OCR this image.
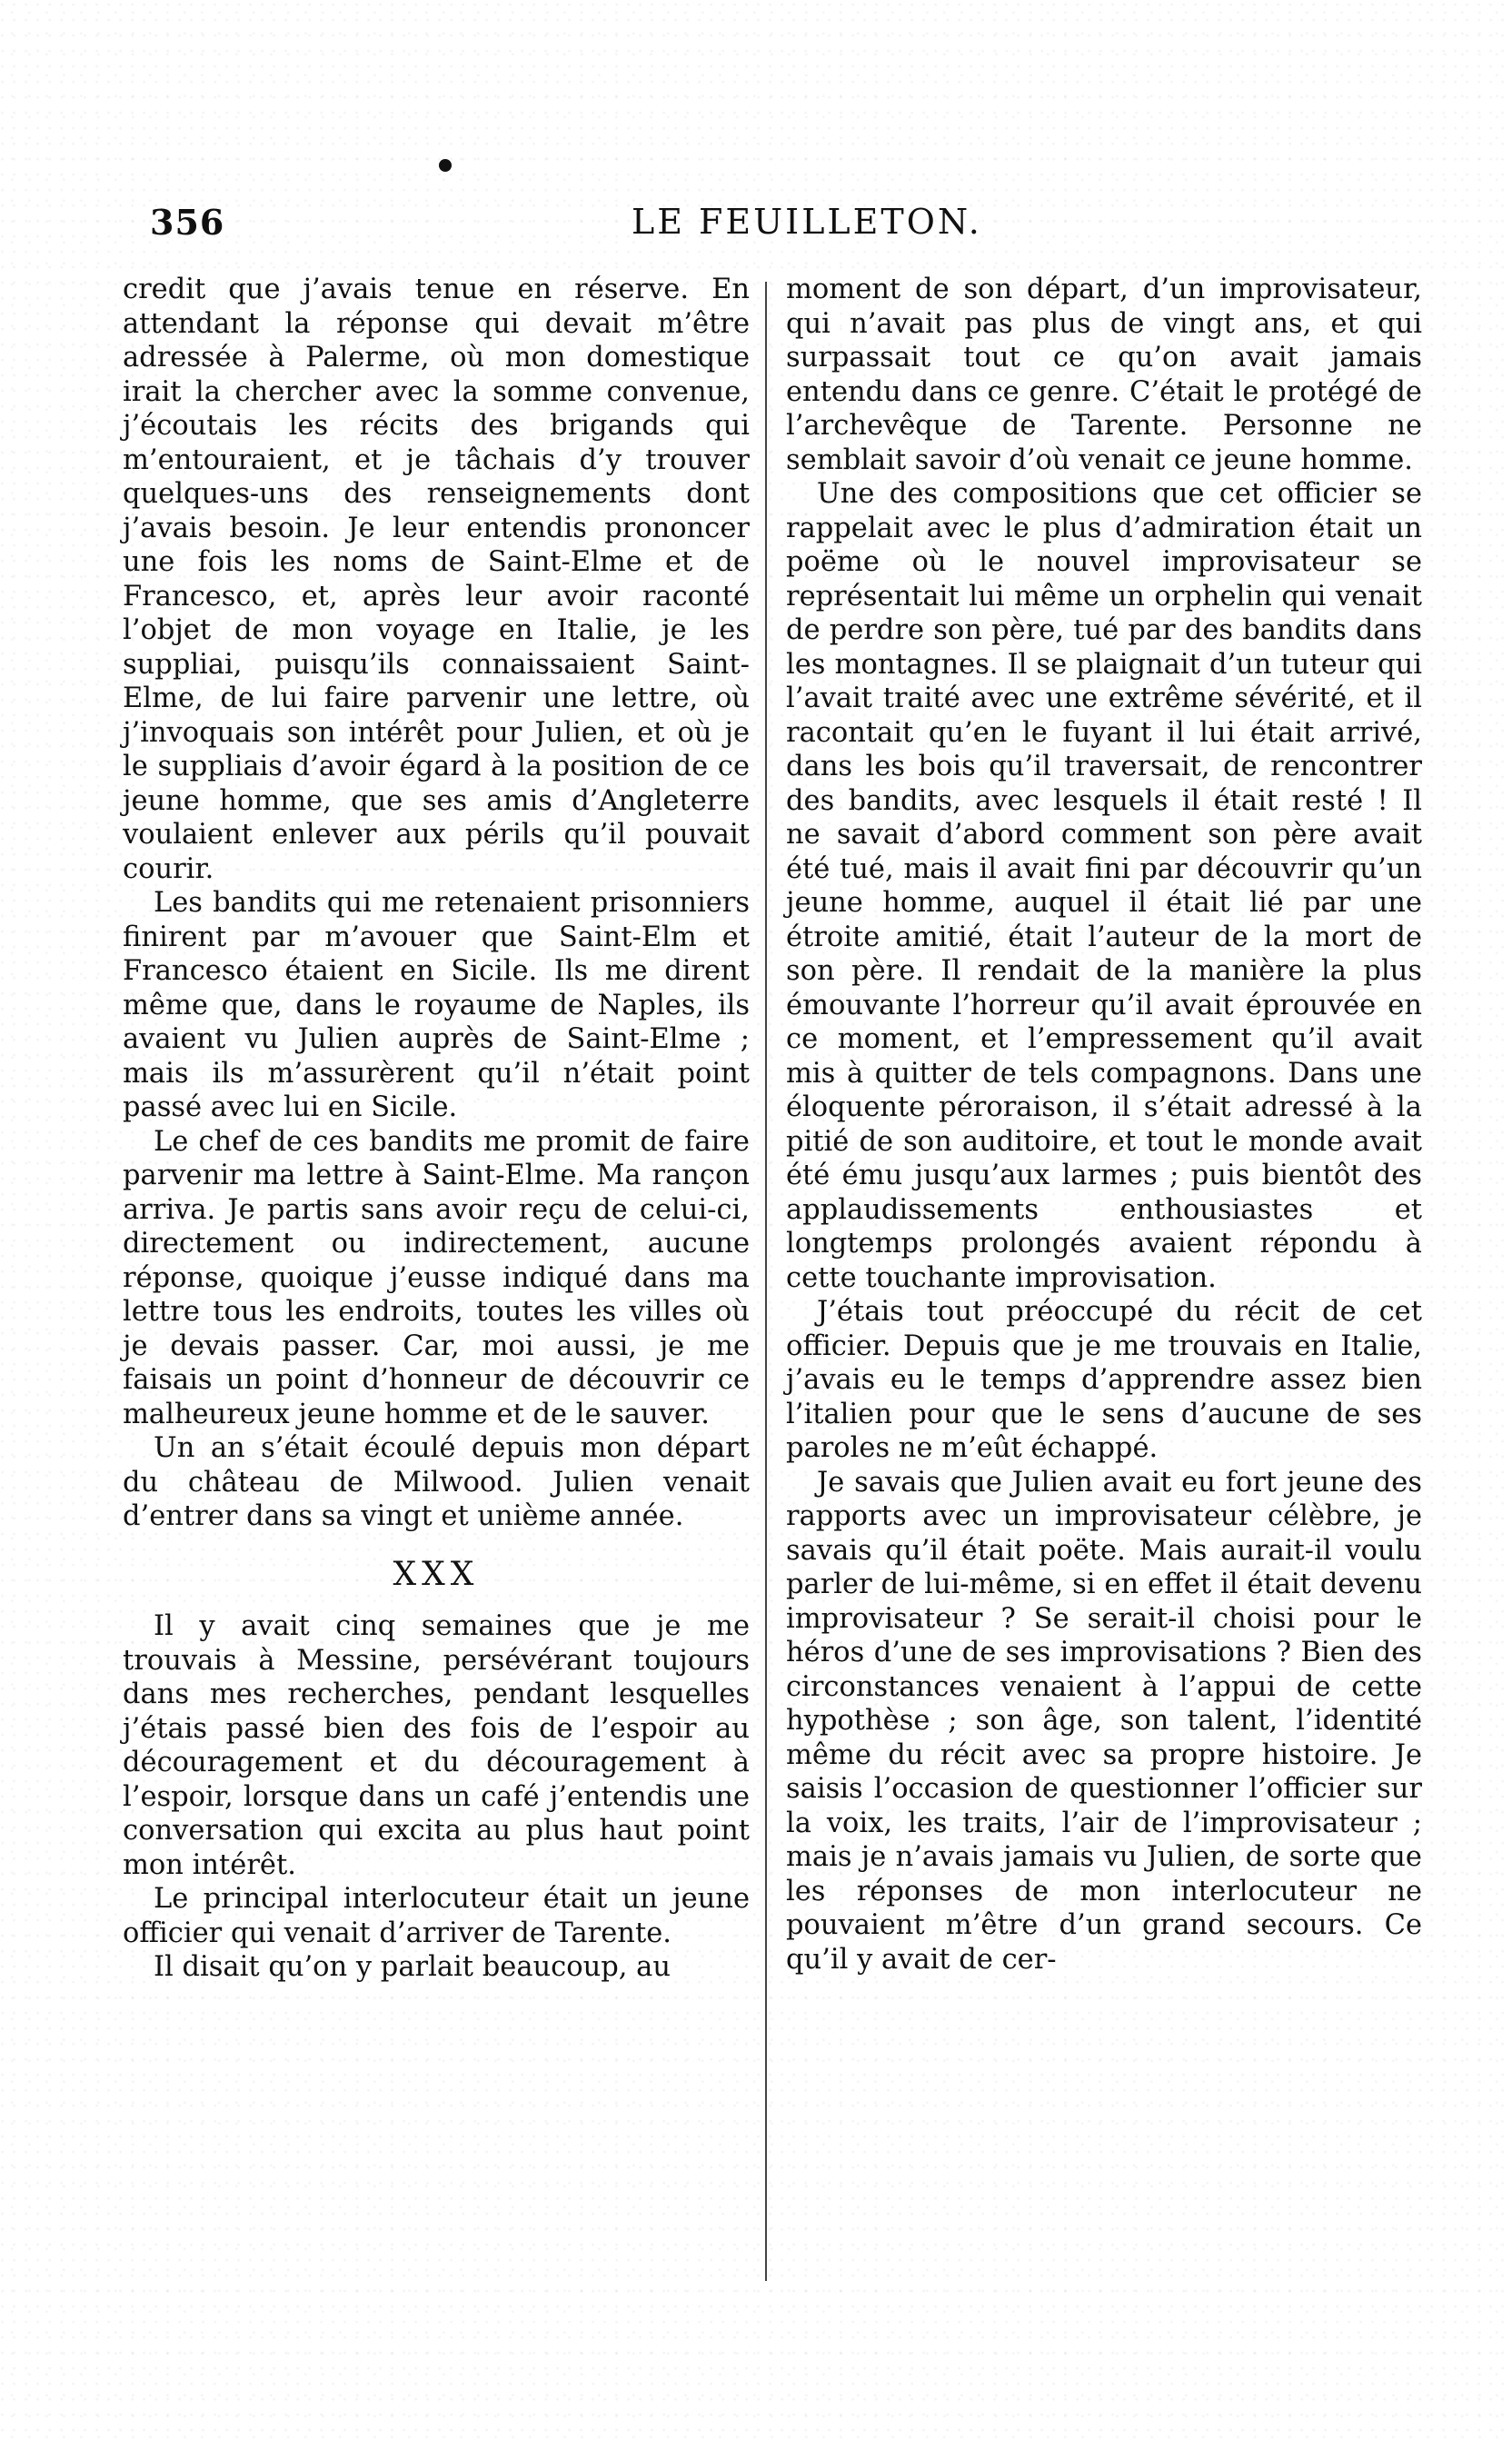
356	LE FEUILLETON.

credit que j’avais tenue en réserve. En attendant la réponse qui devait m’être adressée à Palerme, où mon domestique irait la chercher avec la somme convenue, j’écoutais les récits des brigands qui m’entouraient, et je tâchais d’y trouver quelques-uns des renseignements dont j’avais besoin. Je leur entendis prononcer une fois les noms de Saint-Elme et de Francesco, et, après leur avoir raconté l’objet de mon voyage en Italie, je les suppliai, puisqu’ils connaissaient Saint-Elme, de lui faire parvenir une lettre, où j’invoquais son intérêt pour Julien, et où je le suppliais d’avoir égard à la position de ce jeune homme, que ses amis d’Angleterre voulaient enlever aux périls qu’il pouvait courir.

Les bandits qui me retenaient prisonniers finirent par m’avouer que Saint-Elm et Francesco étaient en Sicile. Ils me dirent même que, dans le royaume de Naples, ils avaient vu Julien auprès de Saint-Elme ; mais ils m’assurèrent qu’il n’était point passé avec lui en Sicile.

Le chef de ces bandits me promit de faire parvenir ma lettre à Saint-Elme. Ma rançon arriva. Je partis sans avoir reçu de celui-ci, directement ou indirectement, aucune réponse, quoique j’eusse indiqué dans ma lettre tous les endroits, toutes les villes où je devais passer. Car, moi aussi, je me faisais un point d’honneur de découvrir ce malheureux jeune homme et de le sauver.

Un an s’était écoulé depuis mon départ du château de Milwood. Julien venait d’entrer dans sa vingt et unième année.

XXX

Il y avait cinq semaines que je me trouvais à Messine, persévérant toujours dans mes recherches, pendant lesquelles j’étais passé bien des fois de l’espoir au découragement et du découragement à l’espoir, lorsque dans un café j’entendis une conversation qui excita au plus haut point mon intérêt.

Le principal interlocuteur était un jeune officier qui venait d’arriver de Tarente.

Il disait qu’on y parlait beaucoup, au

moment de son départ, d’un improvisateur, qui n’avait pas plus de vingt ans, et qui surpassait tout ce qu’on avait jamais entendu dans ce genre. C’était le protégé de l’archevêque de Tarente. Personne ne semblait savoir d’où venait ce jeune homme.

Une des compositions que cet officier se rappelait avec le plus d’admiration était un poëme où le nouvel improvisateur se représentait lui même un orphelin qui venait de perdre son père, tué par des bandits dans les montagnes. Il se plaignait d’un tuteur qui l’avait traité avec une extrême sévérité, et il racontait qu’en le fuyant il lui était arrivé, dans les bois qu’il traversait, de rencontrer des bandits, avec lesquels il était resté ! Il ne savait d’abord comment son père avait été tué, mais il avait fini par découvrir qu’un jeune homme, auquel il était lié par une étroite amitié, était l’auteur de la mort de son père. Il rendait de la manière la plus émouvante l’horreur qu’il avait éprouvée en ce moment, et l’empressement qu’il avait mis à quitter de tels compagnons. Dans une éloquente péroraison, il s’était adressé à la pitié de son auditoire, et tout le monde avait été ému jusqu’aux larmes ; puis bientôt des applaudissements enthousiastes et longtemps prolongés avaient répondu à cette touchante improvisation.

J’étais tout préoccupé du récit de cet officier. Depuis que je me trouvais en Italie, j’avais eu le temps d’apprendre assez bien l’italien pour que le sens d’aucune de ses paroles ne m’eût échappé.

Je savais que Julien avait eu fort jeune des rapports avec un improvisateur célèbre, je savais qu’il était poëte. Mais aurait-il voulu parler de lui-même, si en effet il était devenu improvisateur ? Se serait-il choisi pour le héros d’une de ses improvisations ? Bien des circonstances venaient à l’appui de cette hypothèse ; son âge, son talent, l’identité même du récit avec sa propre histoire. Je saisis l’occasion de questionner l’officier sur la voix, les traits, l’air de l’improvisateur ; mais je n’avais jamais vu Julien, de sorte que les réponses de mon interlocuteur ne pouvaient m’être d’un grand secours. Ce qu’il y avait de cer-
